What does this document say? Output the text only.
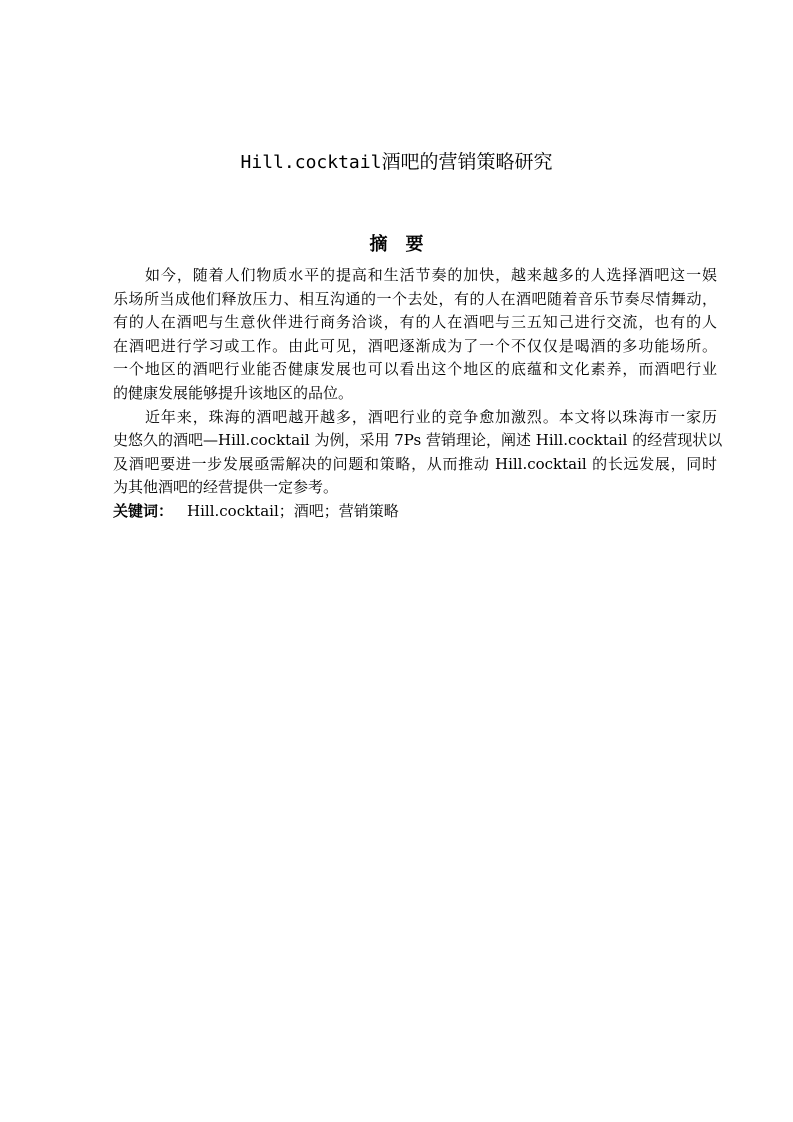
Hill.cocktail酒吧的营销策略研究
摘要
如今，随着人们物质水平的提高和生活节奏的加快，越来越多的人选择酒吧这一娱
乐场所当成他们释放压力、相互沟通的一个去处，有的人在酒吧随着音乐节奏尽情舞动，
有的人在酒吧与生意伙伴进行商务洽谈，有的人在酒吧与三五知己进行交流，也有的人
在酒吧进行学习或工作。由此可见，酒吧逐渐成为了一个不仅仅是喝酒的多功能场所。
一个地区的酒吧行业能否健康发展也可以看出这个地区的底蕴和文化素养，而酒吧行业
的健康发展能够提升该地区的品位。
近年来，珠海的酒吧越开越多，酒吧行业的竞争愈加激烈。本文将以珠海市一家历
史悠久的酒吧—Hill.cocktail 为例，采用 7Ps 营销理论，阐述 Hill.cocktail 的经营现状以
及酒吧要进一步发展亟需解决的问题和策略，从而推动 Hill.cocktail 的长远发展，同时
为其他酒吧的经营提供一定参考。
关键词： Hill.cocktail；酒吧；营销策略
